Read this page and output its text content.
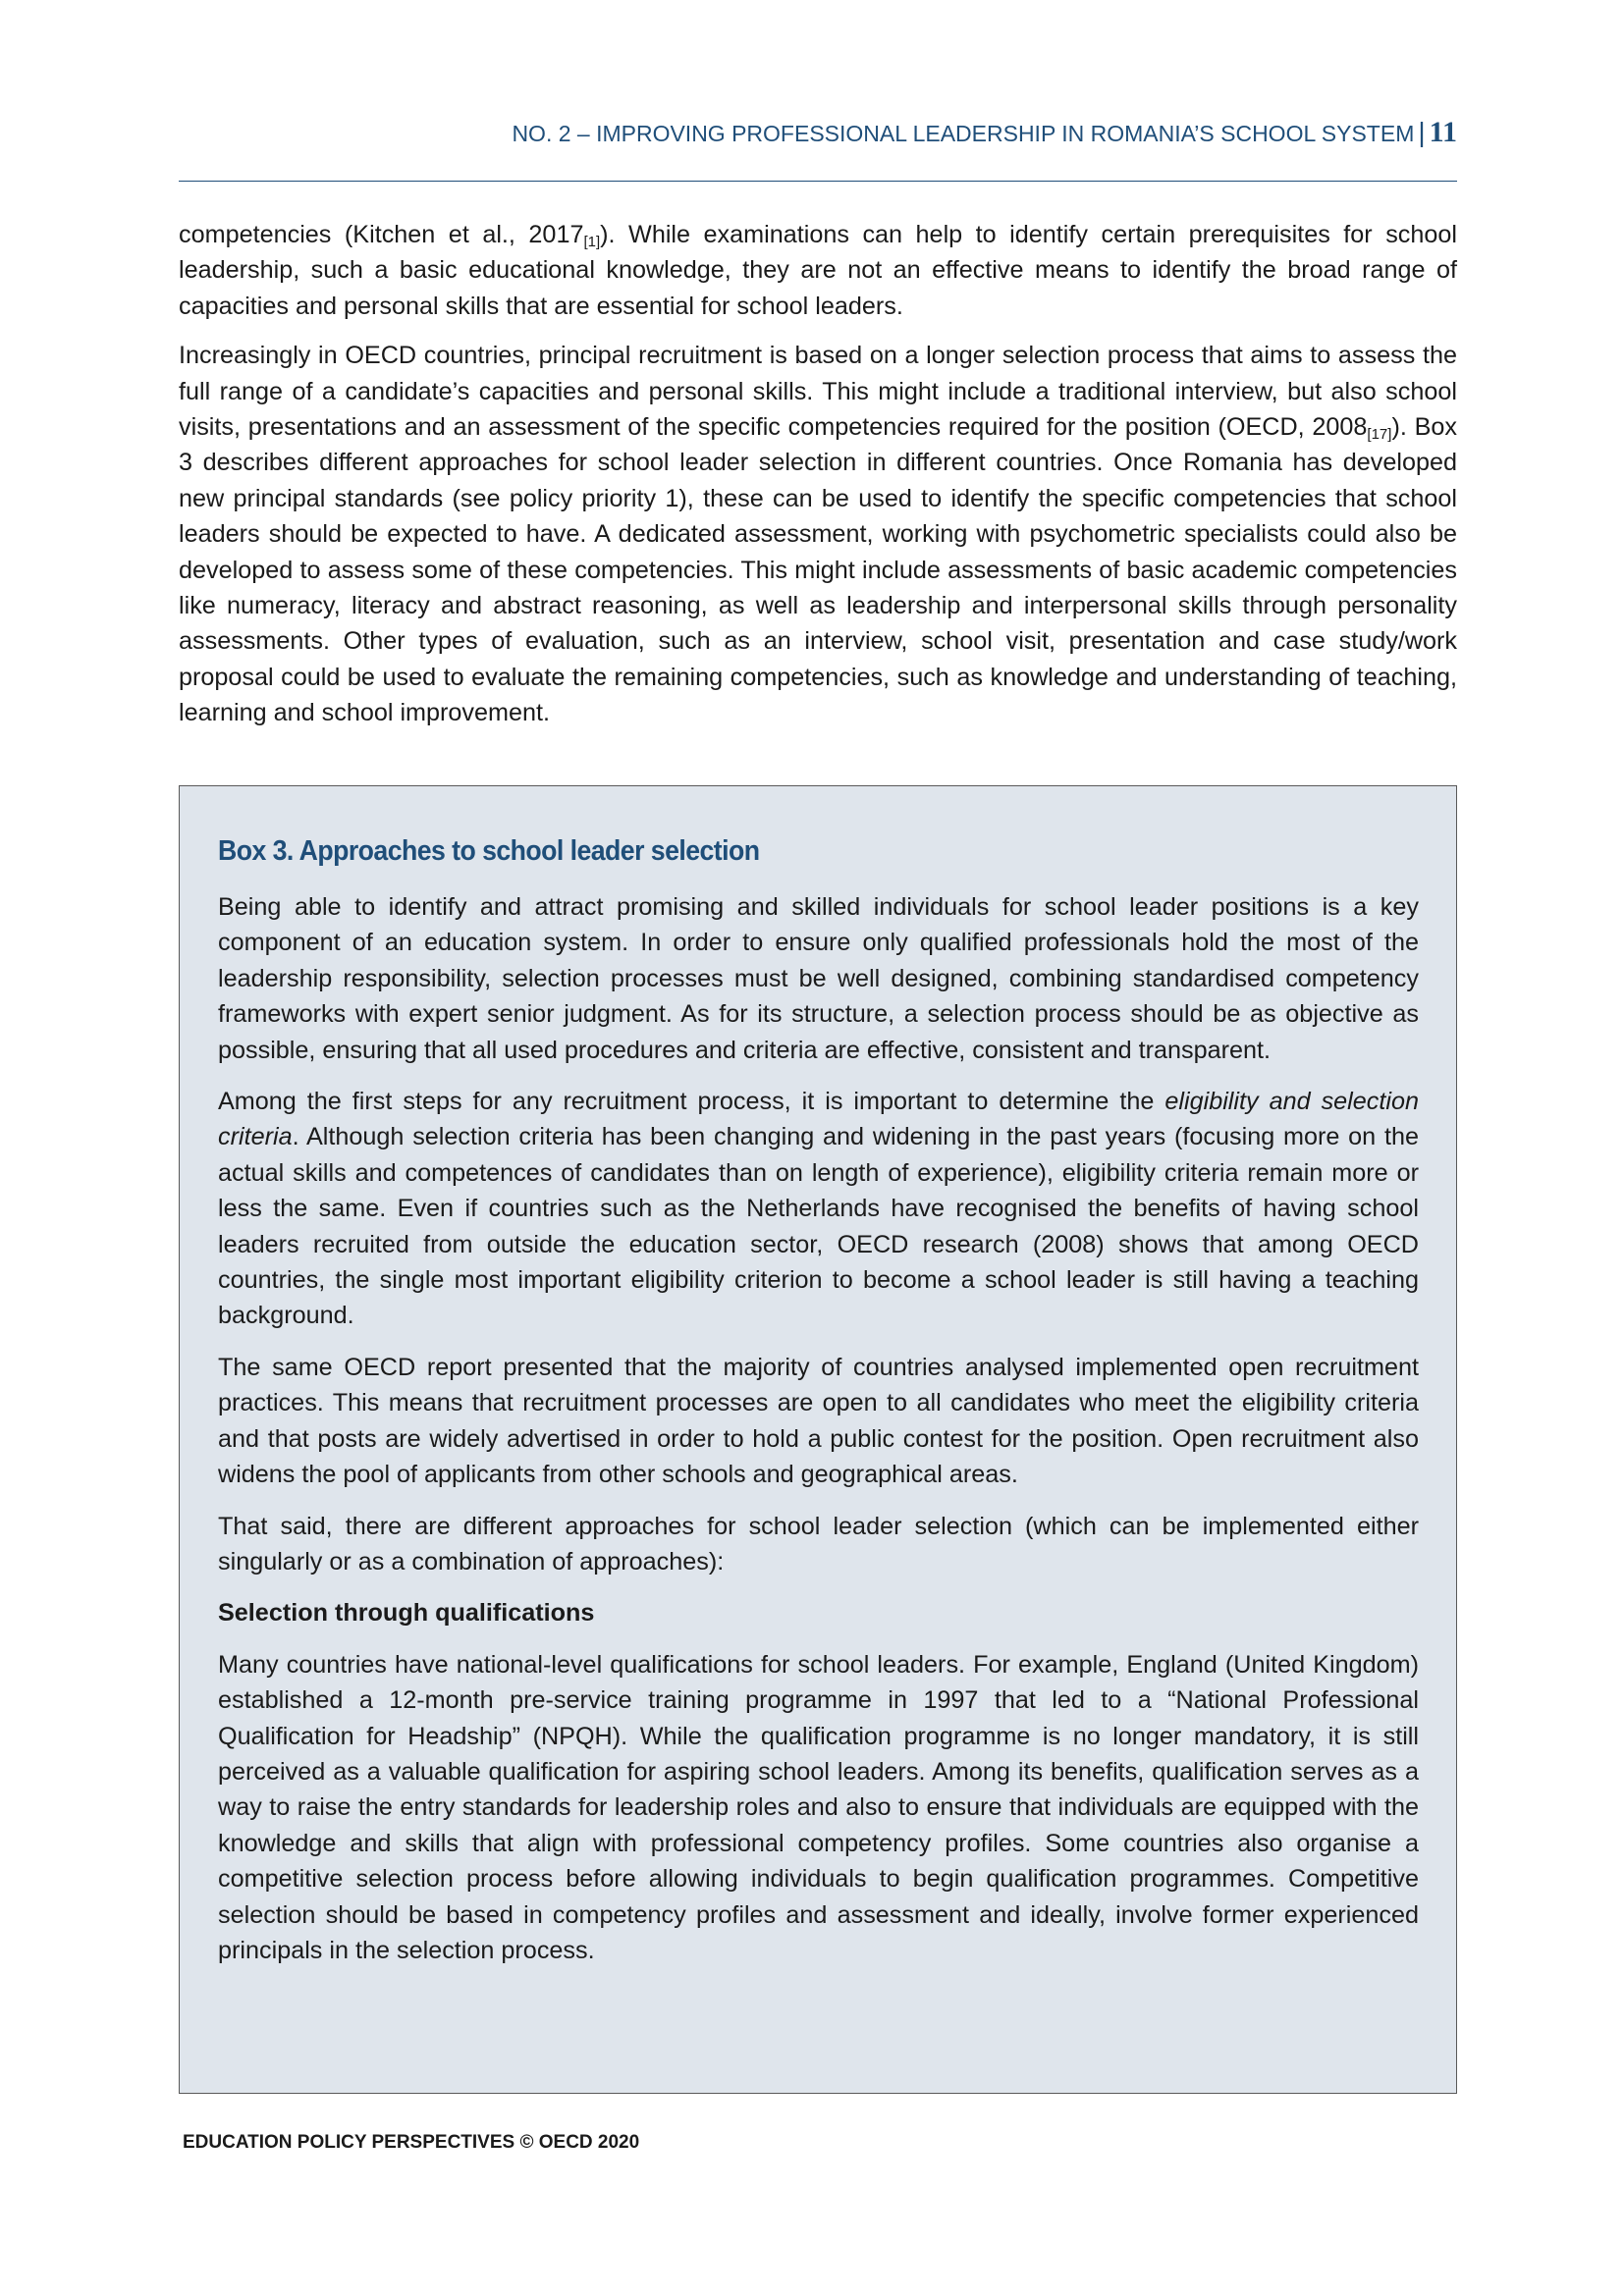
NO. 2 – IMPROVING PROFESSIONAL LEADERSHIP IN ROMANIA’S SCHOOL SYSTEM | 11

competencies (Kitchen et al., $2017_{[1]}$). While examinations can help to identify certain prerequisites for school leadership, such a basic educational knowledge, they are not an effective means to identify the broad range of capacities and personal skills that are essential for school leaders.

Increasingly in OECD countries, principal recruitment is based on a longer selection process that aims to assess the full range of a candidate’s capacities and personal skills. This might include a traditional interview, but also school visits, presentations and an assessment of the specific competencies required for the position (OECD, $2008_{[17]}$). Box 3 describes different approaches for school leader selection in different countries. Once Romania has developed new principal standards (see policy priority 1), these can be used to identify the specific competencies that school leaders should be expected to have. A dedicated assessment, working with psychometric specialists could also be developed to assess some of these competencies. This might include assessments of basic academic competencies like numeracy, literacy and abstract reasoning, as well as leadership and interpersonal skills through personality assessments. Other types of evaluation, such as an interview, school visit, presentation and case study/work proposal could be used to evaluate the remaining competencies, such as knowledge and understanding of teaching, learning and school improvement.

Box 3. Approaches to school leader selection

Being able to identify and attract promising and skilled individuals for school leader positions is a key component of an education system. In order to ensure only qualified professionals hold the most of the leadership responsibility, selection processes must be well designed, combining standardised competency frameworks with expert senior judgment. As for its structure, a selection process should be as objective as possible, ensuring that all used procedures and criteria are effective, consistent and transparent.

Among the first steps for any recruitment process, it is important to determine the eligibility and selection criteria. Although selection criteria has been changing and widening in the past years (focusing more on the actual skills and competences of candidates than on length of experience), eligibility criteria remain more or less the same. Even if countries such as the Netherlands have recognised the benefits of having school leaders recruited from outside the education sector, OECD research (2008) shows that among OECD countries, the single most important eligibility criterion to become a school leader is still having a teaching background.

The same OECD report presented that the majority of countries analysed implemented open recruitment practices. This means that recruitment processes are open to all candidates who meet the eligibility criteria and that posts are widely advertised in order to hold a public contest for the position. Open recruitment also widens the pool of applicants from other schools and geographical areas.

That said, there are different approaches for school leader selection (which can be implemented either singularly or as a combination of approaches):

Selection through qualifications

Many countries have national-level qualifications for school leaders. For example, England (United Kingdom) established a 12-month pre-service training programme in 1997 that led to a “National Professional Qualification for Headship” (NPQH). While the qualification programme is no longer mandatory, it is still perceived as a valuable qualification for aspiring school leaders. Among its benefits, qualification serves as a way to raise the entry standards for leadership roles and also to ensure that individuals are equipped with the knowledge and skills that align with professional competency profiles. Some countries also organise a competitive selection process before allowing individuals to begin qualification programmes. Competitive selection should be based in competency profiles and assessment and ideally, involve former experienced principals in the selection process.

EDUCATION POLICY PERSPECTIVES © OECD 2020
